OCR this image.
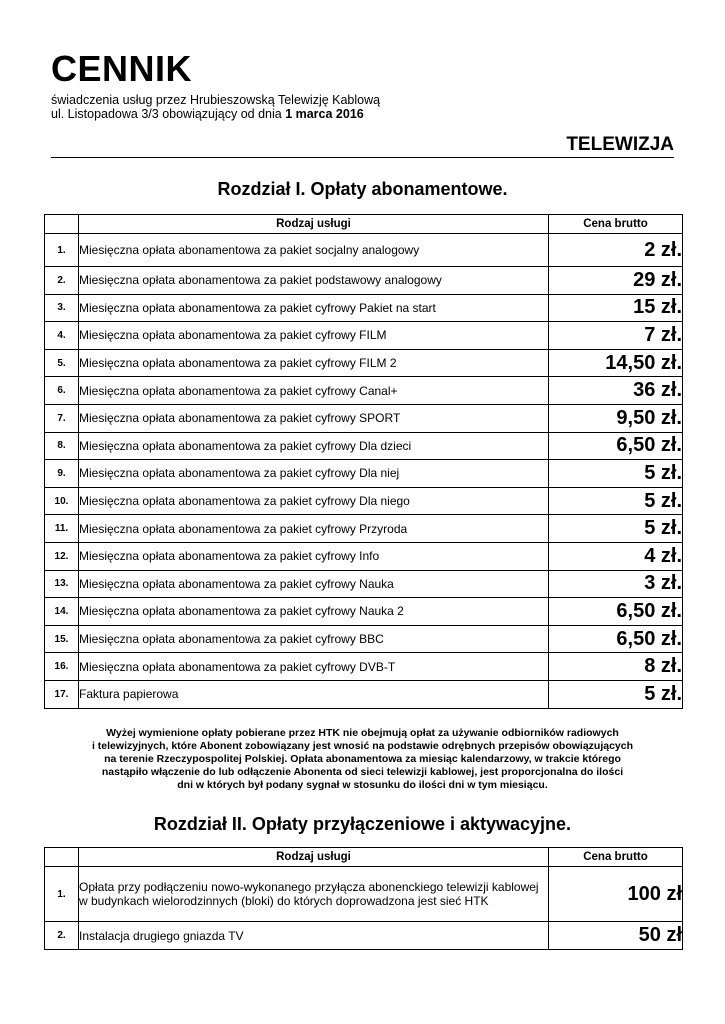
CENNIK
świadczenia usług przez Hrubieszowską Telewizję Kablową
ul. Listopadowa 3/3 obowiązujący od dnia 1 marca 2016
TELEWIZJA
Rozdział I. Opłaty abonamentowe.
	Rodzaj usługi	Cena brutto
1.	Miesięczna opłata abonamentowa za pakiet socjalny analogowy	2 zł.
2.	Miesięczna opłata abonamentowa za pakiet podstawowy analogowy	29 zł.
3.	Miesięczna opłata abonamentowa za pakiet cyfrowy Pakiet na start	15 zł.
4.	Miesięczna opłata abonamentowa za pakiet cyfrowy FILM	7 zł.
5.	Miesięczna opłata abonamentowa za pakiet cyfrowy FILM 2	14,50 zł.
6.	Miesięczna opłata abonamentowa za pakiet cyfrowy Canal+	36 zł.
7.	Miesięczna opłata abonamentowa za pakiet cyfrowy SPORT	9,50 zł.
8.	Miesięczna opłata abonamentowa za pakiet cyfrowy Dla dzieci	6,50 zł.
9.	Miesięczna opłata abonamentowa za pakiet cyfrowy Dla niej	5 zł.
10.	Miesięczna opłata abonamentowa za pakiet cyfrowy Dla niego	5 zł.
11.	Miesięczna opłata abonamentowa za pakiet cyfrowy Przyroda	5 zł.
12.	Miesięczna opłata abonamentowa za pakiet cyfrowy Info	4 zł.
13.	Miesięczna opłata abonamentowa za pakiet cyfrowy Nauka	3 zł.
14.	Miesięczna opłata abonamentowa za pakiet cyfrowy Nauka 2	6,50 zł.
15.	Miesięczna opłata abonamentowa za pakiet cyfrowy BBC	6,50 zł.
16.	Miesięczna opłata abonamentowa za pakiet cyfrowy DVB-T	8 zł.
17.	Faktura papierowa	5 zł.
Wyżej wymienione opłaty pobierane przez HTK nie obejmują opłat za używanie odbiorników radiowych
i telewizyjnych, które Abonent zobowiązany jest wnosić na podstawie odrębnych przepisów obowiązujących
na terenie Rzeczypospolitej Polskiej. Opłata abonamentowa za miesiąc kalendarzowy, w trakcie którego
nastąpiło włączenie do lub odłączenie Abonenta od sieci telewizji kablowej, jest proporcjonalna do ilości
dni w których był podany sygnał w stosunku do ilości dni w tym miesiącu.
Rozdział II. Opłaty przyłączeniowe i aktywacyjne.
	Rodzaj usługi	Cena brutto
1.	Opłata przy podłączeniu nowo-wykonanego przyłącza abonenckiego telewizji kablowej w budynkach wielorodzinnych (bloki) do których doprowadzona jest sieć HTK	100 zł
2.	Instalacja drugiego gniazda TV	50 zł
